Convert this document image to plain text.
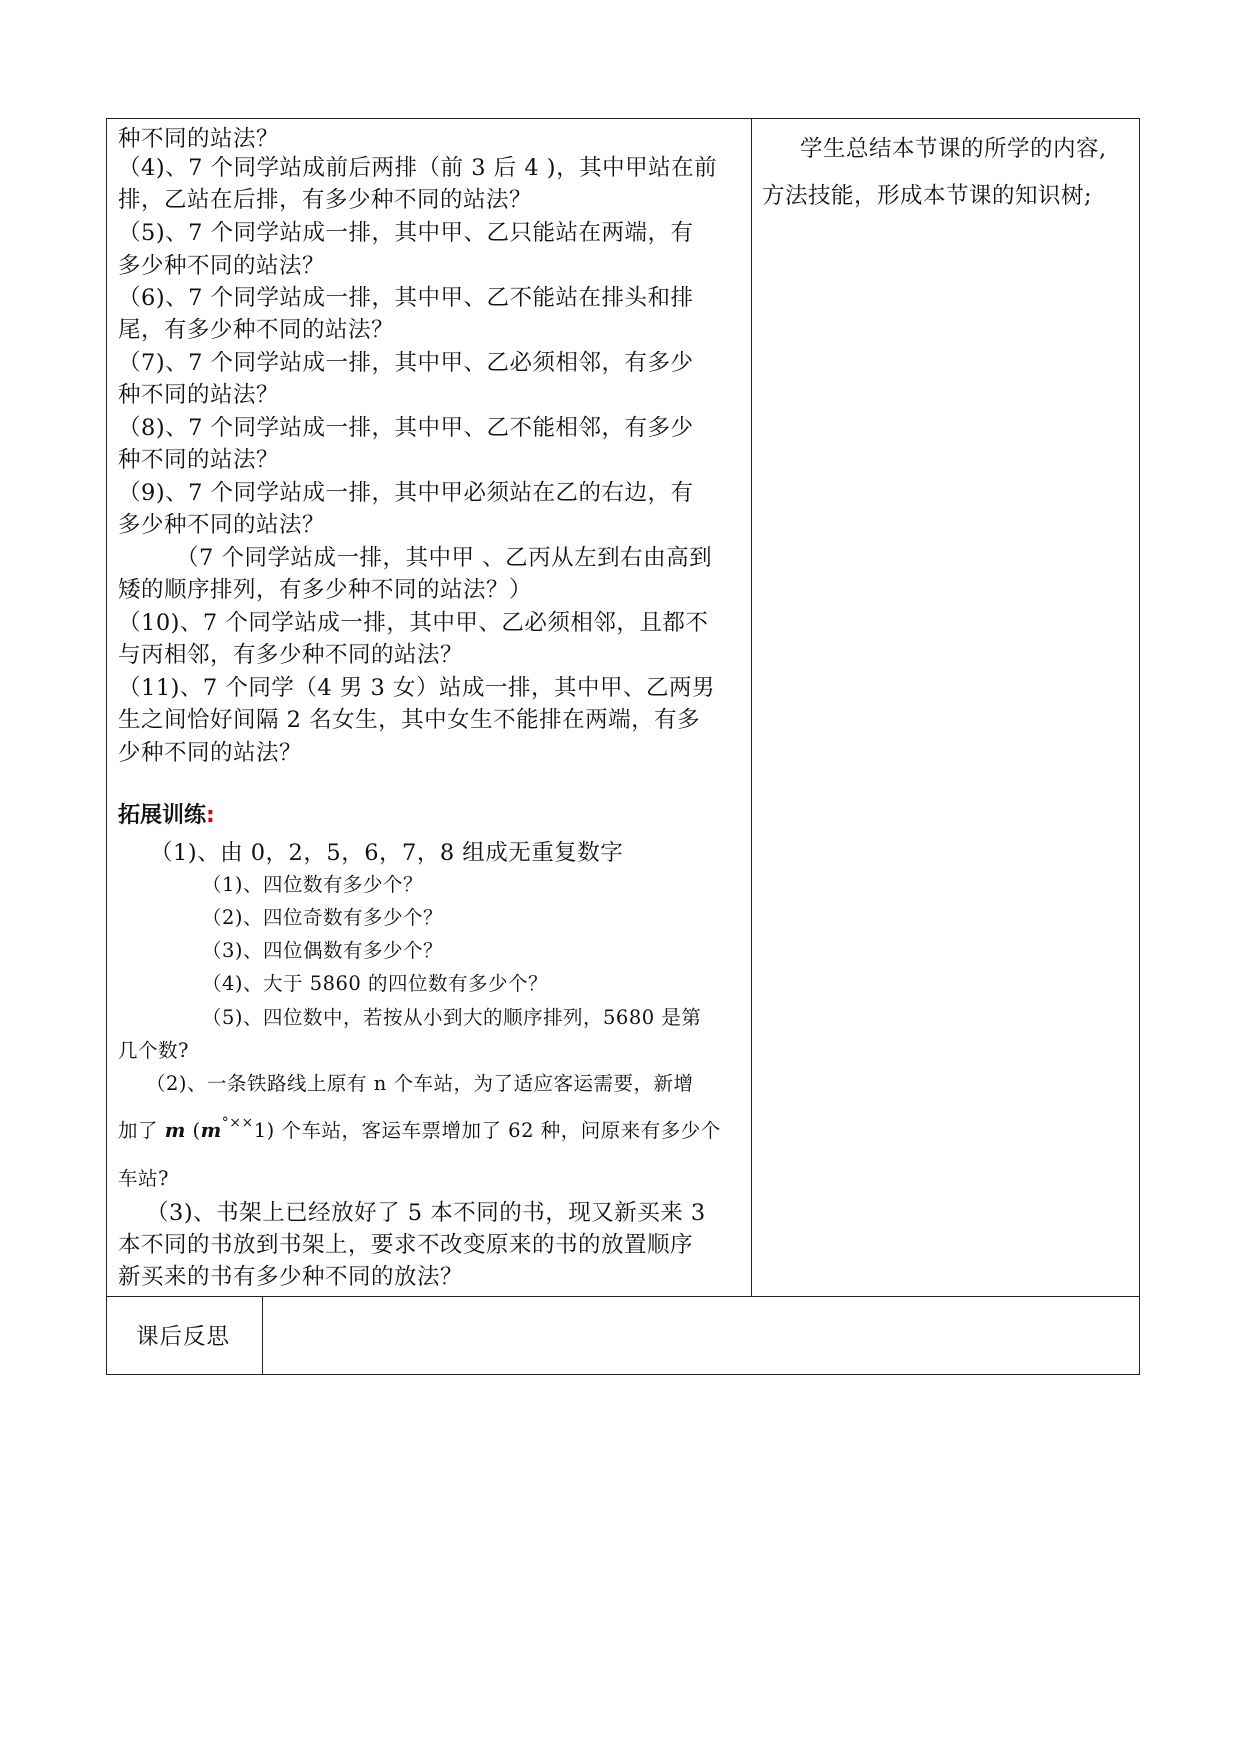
种不同的站法？
（4)、7 个同学站成前后两排（前 3 后 4 )，其中甲站在前
排，乙站在后排，有多少种不同的站法？
（5)、7 个同学站成一排，其中甲、乙只能站在两端，有
多少种不同的站法？
（6)、7 个同学站成一排，其中甲、乙不能站在排头和排
尾，有多少种不同的站法？
（7)、7 个同学站成一排，其中甲、乙必须相邻，有多少
种不同的站法？
（8)、7 个同学站成一排，其中甲、乙不能相邻，有多少
种不同的站法？
（9)、7 个同学站成一排，其中甲必须站在乙的右边，有
多少种不同的站法？
（7 个同学站成一排，其中甲 、乙丙从左到右由高到
矮的顺序排列，有多少种不同的站法？）
（10)、7 个同学站成一排，其中甲、乙必须相邻，且都不
与丙相邻，有多少种不同的站法？
（11)、7 个同学（4 男 3 女）站成一排，其中甲、乙两男
生之间恰好间隔 2 名女生，其中女生不能排在两端，有多
少种不同的站法？
拓展训练:
（1)、由 0，2，5，6，7，8 组成无重复数字
（1)、四位数有多少个？
（2)、四位奇数有多少个？
（3)、四位偶数有多少个？
（4)、大于 5860 的四位数有多少个？
（5)、四位数中，若按从小到大的顺序排列，5680 是第
几个数?
（2)、一条铁路线上原有 n 个车站，为了适应客运需要，新增
加了 m (m°××1) 个车站，客运车票增加了 62 种，问原来有多少个
车站?
（3)、书架上已经放好了 5 本不同的书，现又新买来 3
本不同的书放到书架上，要求不改变原来的书的放置顺序
新买来的书有多少种不同的放法？
学生总结本节课的所学的内容,
方法技能，形成本节课的知识树;
课后反思
